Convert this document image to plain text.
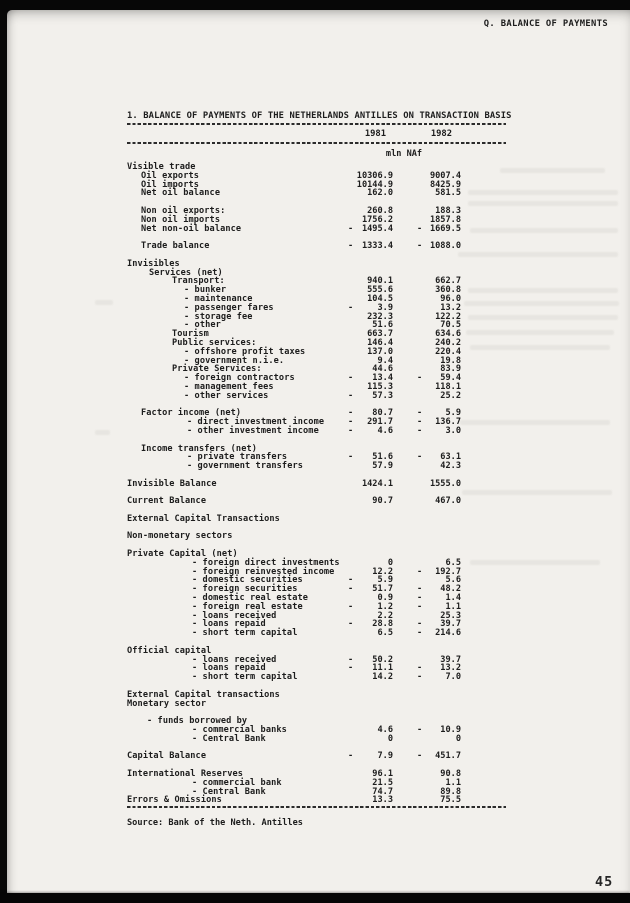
Q. BALANCE OF PAYMENTS
1. BALANCE OF PAYMENTS OF THE NETHERLANDS ANTILLES ON TRANSACTION BASIS
1981	1982
mln NAf
Visible trade
Oil exports	10306.9	9007.4
Oil imports	10144.9	8425.9
Net oil balance	162.0	581.5
Non oil exports:	260.8	188.3
Non oil imports	1756.2	1857.8
Net non-oil balance	-	1495.4	- 1669.5
Trade balance	-	1333.4	- 1088.0
Invisibles
Services (net)
Transport:	940.1	662.7
- bunker	555.6	360.8
- maintenance	104.5	96.0
- passenger fares	-	3.9	13.2
- storage fee	232.3	122.2
- other	51.6	70.5
Tourism	663.7	634.6
Public services:	146.4	240.2
- offshore profit taxes	137.0	220.4
- government n.i.e.	9.4	19.8
Private Services:	44.6	83.9
- foreign contractors	-	13.4	-	59.4
- management fees	115.3	118.1
- other services	-	57.3	25.2
Factor income (net)	-	80.7	-	5.9
- direct investment income	-	291.7	-	136.7
- other investment income	-	4.6	-	3.0
Income transfers (net)
- private transfers	-	51.6	-	63.1
- government transfers	57.9	42.3
Invisible Balance	1424.1	1555.0
Current Balance	90.7	467.0
External Capital Transactions
Non-monetary sectors
Private Capital (net)
- foreign direct investments	0	6.5
- foreign reinvested income	12.2	-	192.7
- domestic securities	-	5.9	5.6
- foreign securities	-	51.7	-	48.2
- domestic real estate	0.9	-	1.4
- foreign real estate	-	1.2	-	1.1
- loans received	2.2	25.3
- loans repaid	-	28.8	-	39.7
- short term capital	6.5	-	214.6
Official capital
- loans received	-	50.2	39.7
- loans repaid	-	11.1	-	13.2
- short term capital	14.2	-	7.0
External Capital transactions
Monetary sector
- funds borrowed by
- commercial banks	4.6	-	10.9
- Central Bank	0	0
Capital Balance	-	7.9	-	451.7
International Reserves	96.1	90.8
- commercial bank	21.5	1.1
- Central Bank	74.7	89.8
Errors & Omissions	13.3	75.5
Source: Bank of the Neth. Antilles
45
